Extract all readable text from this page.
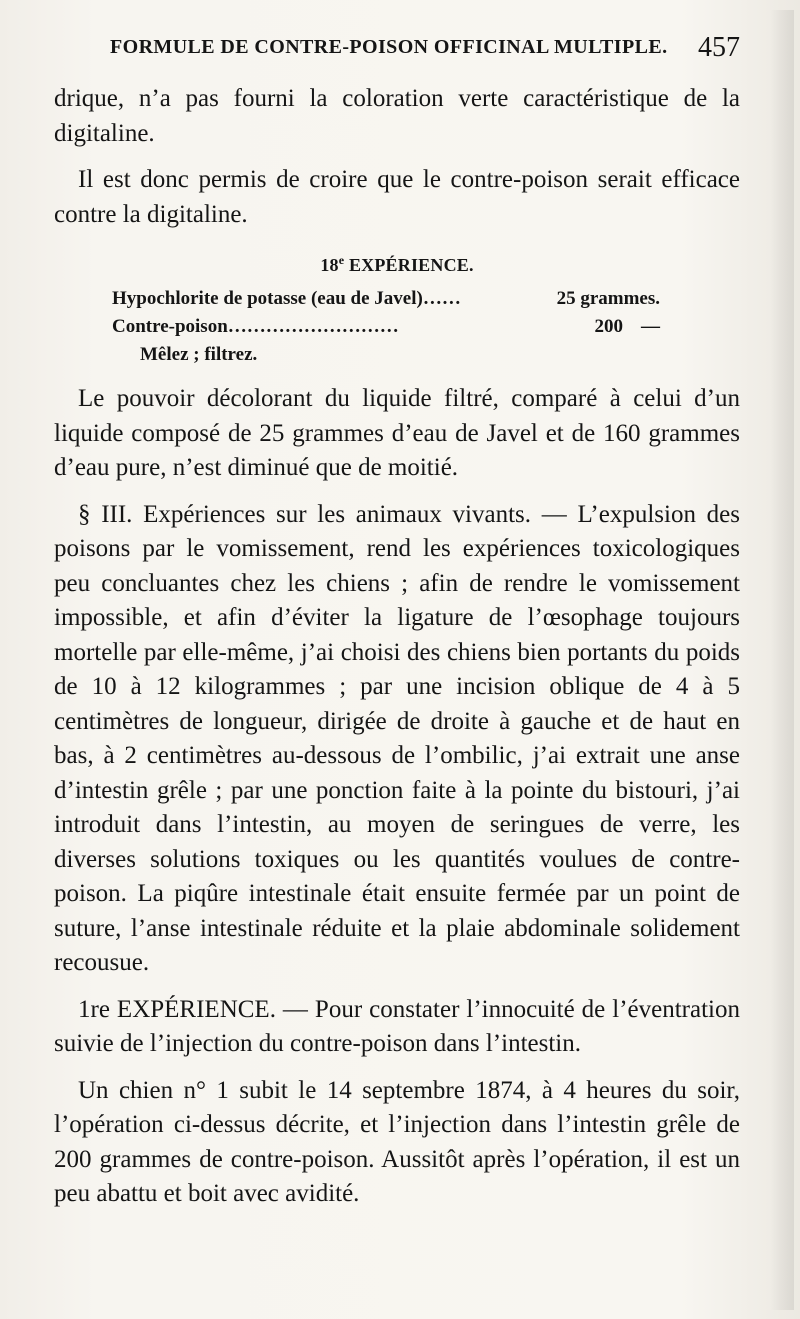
FORMULE DE CONTRE-POISON OFFICINAL MULTIPLE. 457

drique, n’a pas fourni la coloration verte caractéristique de la digitaline.

Il est donc permis de croire que le contre-poison serait efficace contre la digitaline.

18e EXPÉRIENCE.
Hypochlorite de potasse (eau de Javel)……	25 grammes.
Contre-poison………………………	200 —
Mêlez ; filtrez.

Le pouvoir décolorant du liquide filtré, comparé à celui d’un liquide composé de 25 grammes d’eau de Javel et de 160 grammes d’eau pure, n’est diminué que de moitié.

§ III. Expériences sur les animaux vivants. — L’expulsion des poisons par le vomissement, rend les expériences toxicologiques peu concluantes chez les chiens ; afin de rendre le vomissement impossible, et afin d’éviter la ligature de l’œsophage toujours mortelle par elle-même, j’ai choisi des chiens bien portants du poids de 10 à 12 kilogrammes ; par une incision oblique de 4 à 5 centimètres de longueur, dirigée de droite à gauche et de haut en bas, à 2 centimètres au-dessous de l’ombilic, j’ai extrait une anse d’intestin grêle ; par une ponction faite à la pointe du bistouri, j’ai introduit dans l’intestin, au moyen de seringues de verre, les diverses solutions toxiques ou les quantités voulues de contre-poison. La piqûre intestinale était ensuite fermée par un point de suture, l’anse intestinale réduite et la plaie abdominale solidement recousue.

1re EXPÉRIENCE. — Pour constater l’innocuité de l’éventration suivie de l’injection du contre-poison dans l’intestin.

Un chien n° 1 subit le 14 septembre 1874, à 4 heures du soir, l’opération ci-dessus décrite, et l’injection dans l’intestin grêle de 200 grammes de contre-poison. Aussitôt après l’opération, il est un peu abattu et boit avec avidité.
